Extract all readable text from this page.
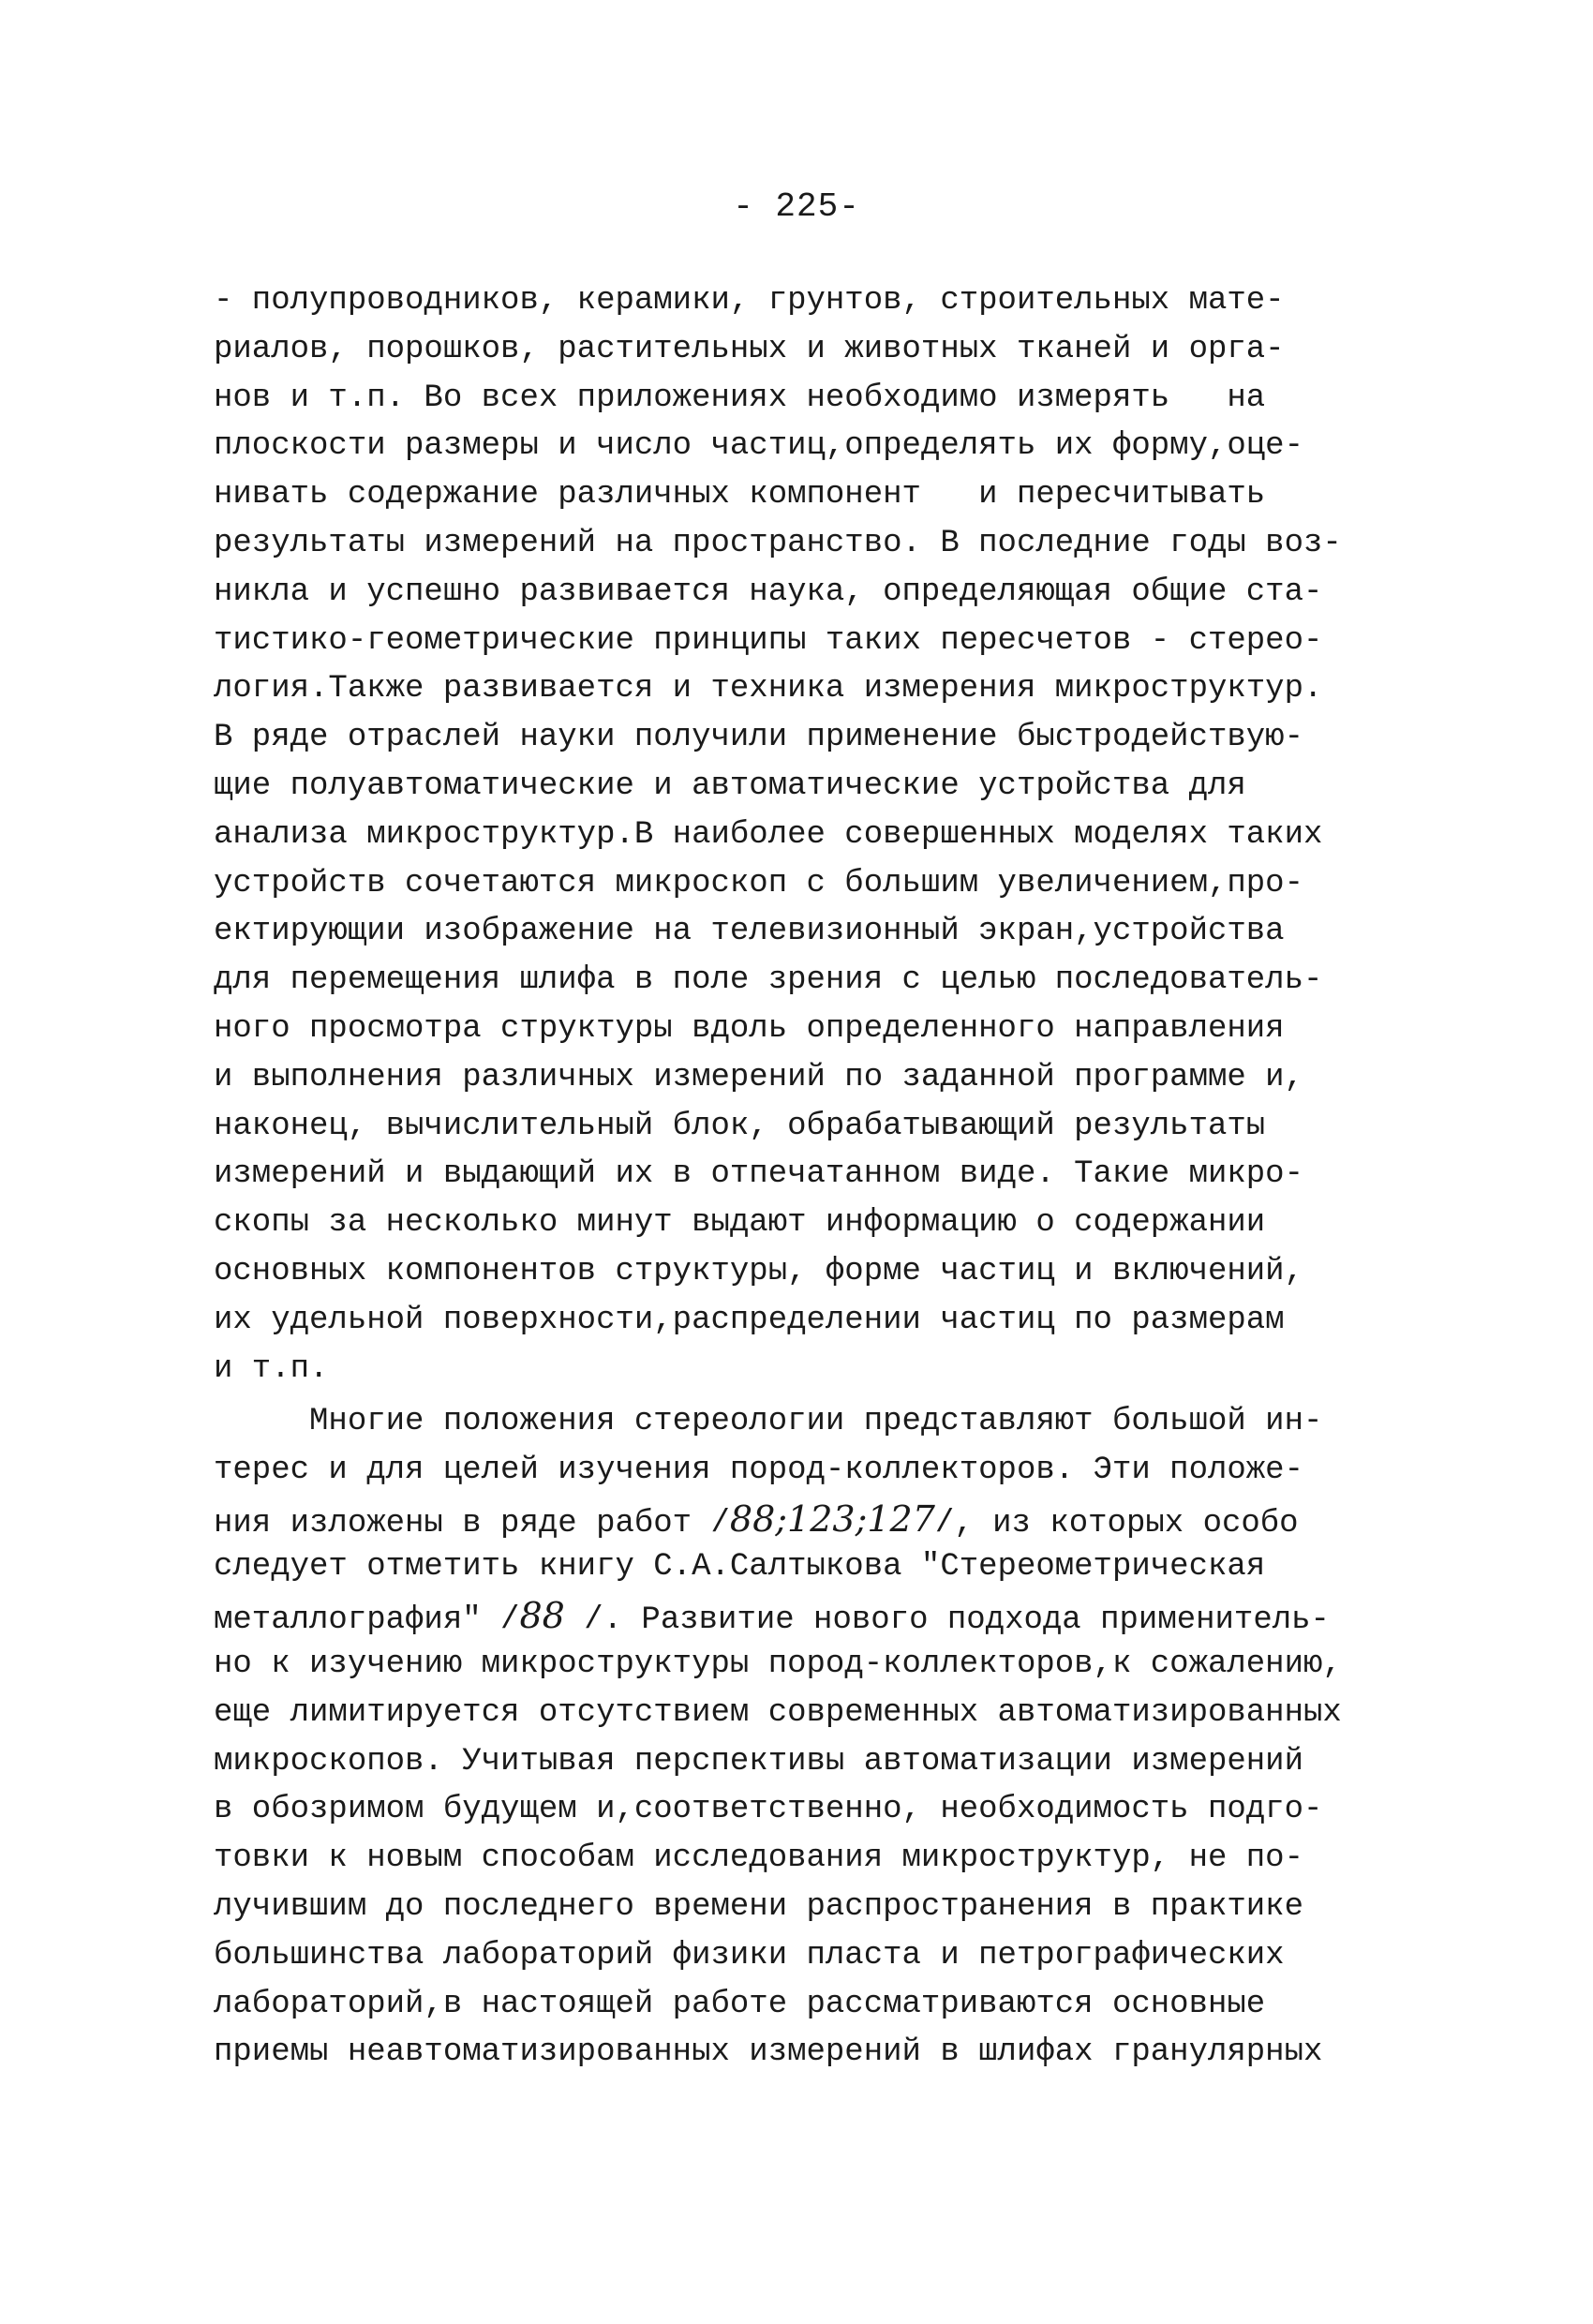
- 225-
- полупроводников, керамики, грунтов, строительных мате-
риалов, порошков, растительных и животных тканей и орга-
нов и т.п. Во всех приложениях необходимо измерять   на
плоскости размеры и число частиц,определять их форму,оце-
нивать содержание различных компонент   и пересчитывать
результаты измерений на пространство. В последние годы воз-
никла и успешно развивается наука, определяющая общие ста-
тистико-геометрические принципы таких пересчетов - стерео-
логия.Также развивается и техника измерения микроструктур.
В ряде отраслей науки получили применение быстродействую-
щие полуавтоматические и автоматические устройства для
анализа микроструктур.В наиболее совершенных моделях таких
устройств сочетаются микроскоп с большим увеличением,про-
ектирующии изображение на телевизионный экран,устройства
для перемещения шлифа в поле зрения с целью последователь-
ного просмотра структуры вдоль определенного направления
и выполнения различных измерений по заданной программе и,
наконец, вычислительный блок, обрабатывающий результаты
измерений и выдающий их в отпечатанном виде. Такие микро-
скопы за несколько минут выдают информацию о содержании
основных компонентов структуры, форме частиц и включений,
их удельной поверхности,распределении частиц по размерам
и т.п.
Многие положения стереологии представляют большой ин-
терес и для целей изучения пород-коллекторов. Эти положе-
ния изложены в ряде работ /88;123;127/, из которых особо
следует отметить книгу С.А.Салтыкова "Стереометрическая
металлография" /88 /. Развитие нового подхода применитель-
но к изучению микроструктуры пород-коллекторов,к сожалению,
еще лимитируется отсутствием современных автоматизированных
микроскопов. Учитывая перспективы автоматизации измерений
в обозримом будущем и,соответственно, необходимость подго-
товки к новым способам исследования микроструктур, не по-
лучившим до последнего времени распространения в практике
большинства лабораторий физики пласта и петрографических
лабораторий,в настоящей работе рассматриваются основные
приемы неавтоматизированных измерений в шлифах гранулярных
